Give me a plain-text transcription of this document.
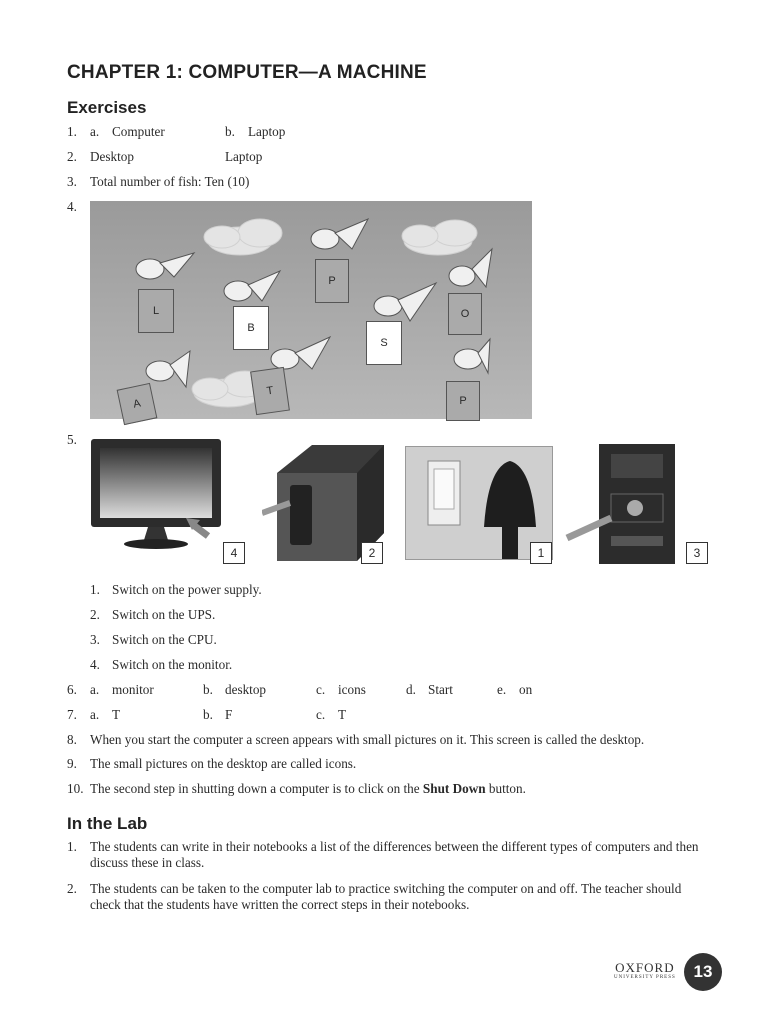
CHAPTER 1: COMPUTER—A MACHINE
Exercises
1. a. Computer	b. Laptop
2. Desktop	Laptop
3. Total number of fish: Ten (10)
4.
L
B
P
S
O
T
A	P
5.
4	2	1	3
1. Switch on the power supply.
2. Switch on the UPS.
3. Switch on the CPU.
4. Switch on the monitor.
6. a. monitor	b. desktop	c. icons	d. Start	e. on
7. a. T	b. F	c. T
8. When you start the computer a screen appears with small pictures on it. This screen is called the desktop.
9. The small pictures on the desktop are called icons.
10. The second step in shutting down a computer is to click on the Shut Down button.
In the Lab
1. The students can write in their notebooks a list of the differences between the different types of computers and then discuss these in class.
2. The students can be taken to the computer lab to practice switching the computer on and off. The teacher should check that the students have written the correct steps in their notebooks.
OXFORD
UNIVERSITY PRESS	13
